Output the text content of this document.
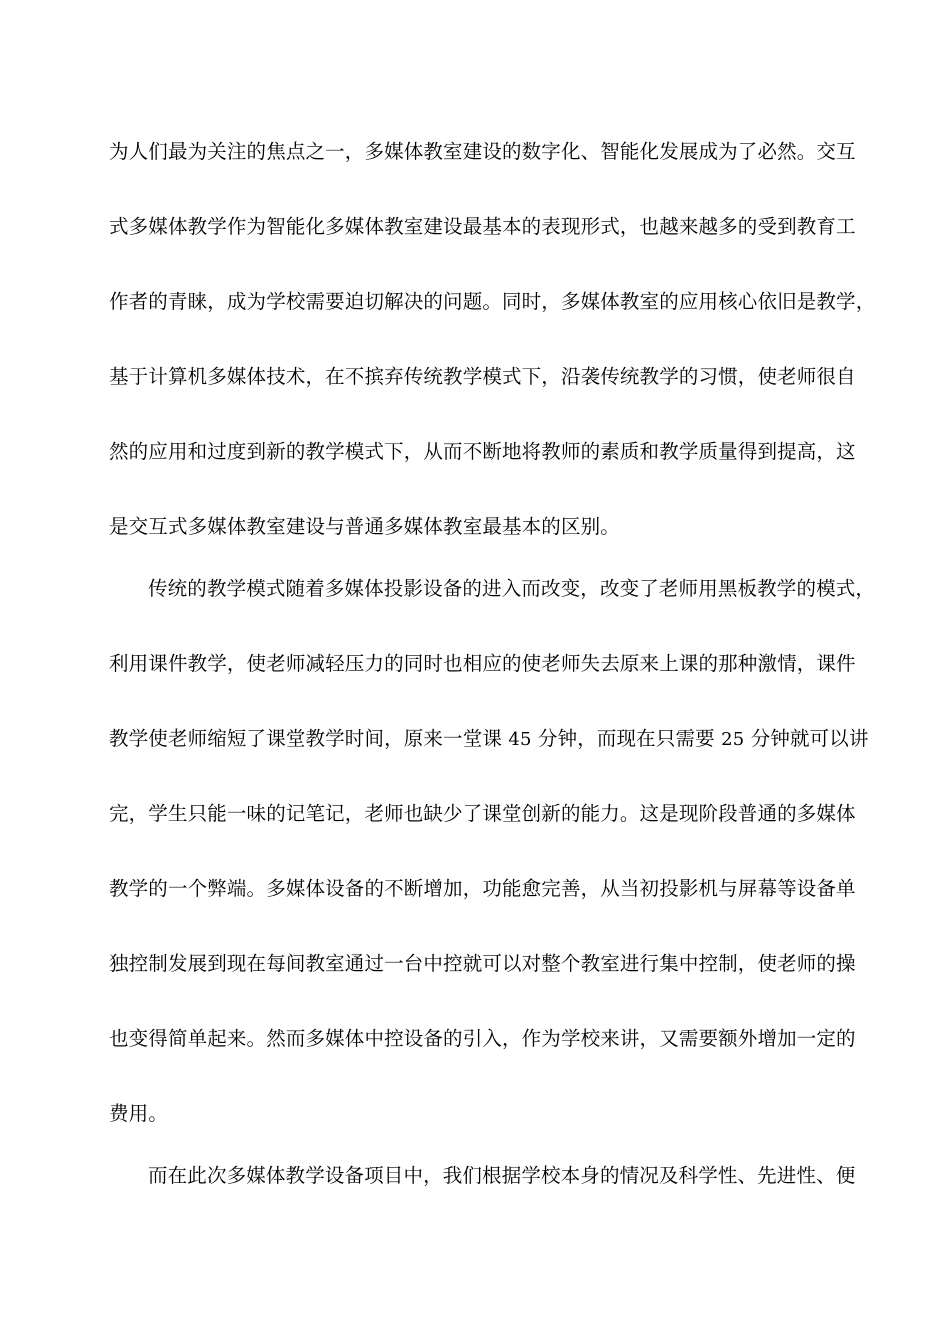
为人们最为关注的焦点之一，多媒体教室建设的数字化、智能化发展成为了必然。交互
式多媒体教学作为智能化多媒体教室建设最基本的表现形式，也越来越多的受到教育工
作者的青睐，成为学校需要迫切解决的问题。同时，多媒体教室的应用核心依旧是教学，
基于计算机多媒体技术，在不摈弃传统教学模式下，沿袭传统教学的习惯，使老师很自
然的应用和过度到新的教学模式下，从而不断地将教师的素质和教学质量得到提高，这
是交互式多媒体教室建设与普通多媒体教室最基本的区别。
传统的教学模式随着多媒体投影设备的进入而改变，改变了老师用黑板教学的模式，
利用课件教学，使老师减轻压力的同时也相应的使老师失去原来上课的那种激情，课件
教学使老师缩短了课堂教学时间，原来一堂课 45 分钟，而现在只需要 25 分钟就可以讲
完，学生只能一味的记笔记，老师也缺少了课堂创新的能力。这是现阶段普通的多媒体
教学的一个弊端。多媒体设备的不断增加，功能愈完善，从当初投影机与屏幕等设备单
独控制发展到现在每间教室通过一台中控就可以对整个教室进行集中控制，使老师的操
也变得简单起来。然而多媒体中控设备的引入，作为学校来讲，又需要额外增加一定的
费用。
而在此次多媒体教学设备项目中，我们根据学校本身的情况及科学性、先进性、便
